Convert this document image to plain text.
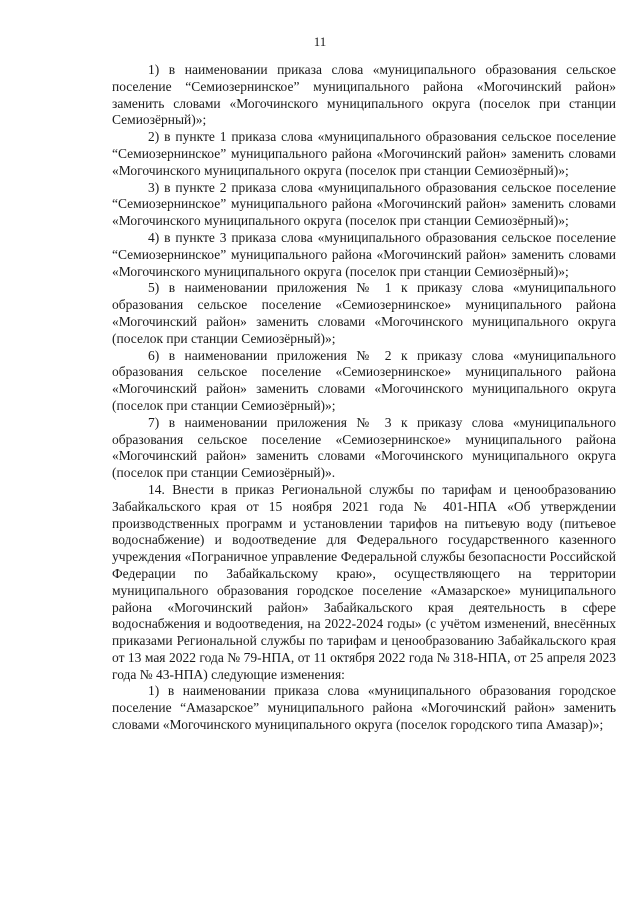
11

1) в наименовании приказа слова «муниципального образования сельское поселение “Семиозернинское” муниципального района «Могочинский район» заменить словами «Могочинского муниципального округа (поселок при станции Семиозёрный)»;

2) в пункте 1 приказа слова «муниципального образования сельское поселение “Семиозернинское” муниципального района «Могочинский район» заменить словами «Могочинского муниципального округа (поселок при станции Семиозёрный)»;

3) в пункте 2 приказа слова «муниципального образования сельское поселение “Семиозернинское” муниципального района «Могочинский район» заменить словами «Могочинского муниципального округа (поселок при станции Семиозёрный)»;

4) в пункте 3 приказа слова «муниципального образования сельское поселение “Семиозернинское” муниципального района «Могочинский район» заменить словами «Могочинского муниципального округа (поселок при станции Семиозёрный)»;

5) в наименовании приложения № 1 к приказу слова «муниципального образования сельское поселение «Семиозернинское» муниципального района «Могочинский район» заменить словами «Могочинского муниципального округа (поселок при станции Семиозёрный)»;

6) в наименовании приложения № 2 к приказу слова «муниципального образования сельское поселение «Семиозернинское» муниципального района «Могочинский район» заменить словами «Могочинского муниципального округа (поселок при станции Семиозёрный)»;

7) в наименовании приложения № 3 к приказу слова «муниципального образования сельское поселение «Семиозернинское» муниципального района «Могочинский район» заменить словами «Могочинского муниципального округа (поселок при станции Семиозёрный)».

14. Внести в приказ Региональной службы по тарифам и ценообразованию Забайкальского края от 15 ноября 2021 года № 401-НПА «Об утверждении производственных программ и установлении тарифов на питьевую воду (питьевое водоснабжение) и водоотведение для Федерального государственного казенного учреждения «Пограничное управление Федеральной службы безопасности Российской Федерации по Забайкальскому краю», осуществляющего на территории муниципального образования городское поселение «Амазарское» муниципального района «Могочинский район» Забайкальского края деятельность в сфере водоснабжения и водоотведения, на 2022-2024 годы» (с учётом изменений, внесённых приказами Региональной службы по тарифам и ценообразованию Забайкальского края от 13 мая 2022 года № 79-НПА, от 11 октября 2022 года № 318-НПА, от 25 апреля 2023 года № 43-НПА) следующие изменения:

1) в наименовании приказа слова «муниципального образования городское поселение “Амазарское” муниципального района «Могочинский район» заменить словами «Могочинского муниципального округа (поселок городского типа Амазар)»;
